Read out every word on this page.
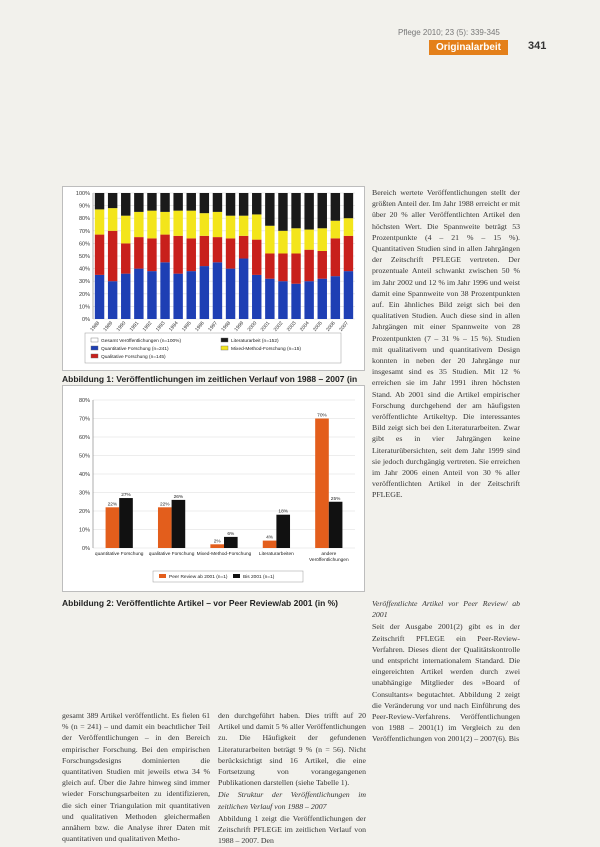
Pflege 2010; 23 (5): 339-345
Originalarbeit	341
0%
10%
20%
30%
40%
50%
60%
70%
80%
90%
100%
1988 1989 1990 1991 1992 1993 1994 1995 1996 1997 1998 1999 2000 2001 2002 2003 2004 2005 2006 2007
Gesamt Veröffentlichungen (n=100%)
Quantitative Forschung (n=241)
Qualitative Forschung (n=145)
Literaturarbeit (n=152)
Mixed-Method-Forschung (n=15)
Abbildung 1: Veröffentlichungen im zeitlichen Verlauf von 1988 – 2007 (in
0%
10%
20%
30%
40%
50%
60%
70%
80%
22%
27%
quantitative Forschung
22%
26%
qualitative Forschung
2%
6%
Mixed-Method-Forschung
4%
18%
Literaturarbeiten
70%
25%
andere
Veröffentlichungen
Peer Review ab 2001 (n=1)	Bis 2001 (n=1)
Abbildung 2: Veröffentlichte Artikel – vor Peer Review/ab 2001 (in %)

gesamt 389 Artikel veröffentlicht. Es fielen 61 % (n = 241) – und damit ein beachtlicher Teil der Veröffentlichungen – in den Bereich empirischer Forschung. Bei den empirischen Forschungsdesigns dominierten die quantitativen Studien mit jeweils etwa 34 % gleich auf. Über die Jahre hinweg sind immer wieder Forschungsarbeiten zu identifizieren, die sich einer Triangulation mit quantitativen und qualitativen Methoden gleichermaßen annähern bzw. die Analyse ihrer Daten mit quantitativen und qualitativen Metho-

den durchgeführt haben. Dies trifft auf 20 Artikel und damit 5 % aller Veröffentlichungen zu. Die Häufigkeit der gefundenen Literaturarbeiten beträgt 9 % (n = 56). Nicht berücksichtigt sind 16 Artikel, die eine Fortsetzung von vorangegangenen Publikationen darstellen (siehe Tabelle 1).

Die Struktur der Veröffentlichungen im zeitlichen Verlauf von 1988 – 2007

Abbildung 1 zeigt die Veröffentlichungen der Zeitschrift PFLEGE im zeitlichen Verlauf von 1988 – 2007. Den

Bereich wertete Veröffentlichungen stellt der größten Anteil der. Im Jahr 1988 erreicht er mit über 20 % aller Veröffentlichten Artikel den höchsten Wert. Die Spannweite beträgt 53 Prozentpunkte (4 – 21 % – 15 %). Quantitativen Studien sind in allen Jahrgängen der Zeitschrift PFLEGE vertreten. Der prozentuale Anteil schwankt zwischen 50 % im Jahr 2002 und 12 % im Jahr 1996 und weist damit eine Spannweite von 38 Prozentpunkten auf. Ein ähnliches Bild zeigt sich bei den qualitativen Studien. Auch diese sind in allen Jahrgängen mit einer Spannweite von 28 Prozentpunkten (7 – 31 % – 15 %). Studien mit qualitativem und quantitativem Design konnten in neben der 20 Jahrgänge nur insgesamt sind es 35 Studien. Mit 12 % erreichen sie im Jahr 1991 ihren höchsten Stand. Ab 2001 sind die Artikel empirischer Forschung durchgehend der am häufigsten veröffentlichte Artikeltyp. Die interessantes Bild zeigt sich bei den Literaturarbeiten. Zwar gibt es in vier Jahrgängen keine Literaturübersichten, seit dem Jahr 1999 sind sie jedoch durchgängig vertreten. Sie erreichen im Jahr 2006 einen Anteil von 30 % aller veröffentlichten Artikel in der Zeitschrift PFLEGE.

Veröffentlichte Artikel vor Peer Review/ ab 2001

Seit der Ausgabe 2001(2) gibt es in der Zeitschrift PFLEGE ein Peer-Review-Verfahren. Dieses dient der Qualitätskontrolle und entspricht internationalem Standard. Die eingereichten Artikel werden durch zwei unabhängige Mitglieder des »Board of Consultants« begutachtet. Abbildung 2 zeigt die Veränderung vor und nach Einführung des Peer-Review-Verfahrens. Veröffentlichungen von 1988 – 2001(1) im Vergleich zu den Veröffentlichungen von 2001(2) – 2007(6). Bis
